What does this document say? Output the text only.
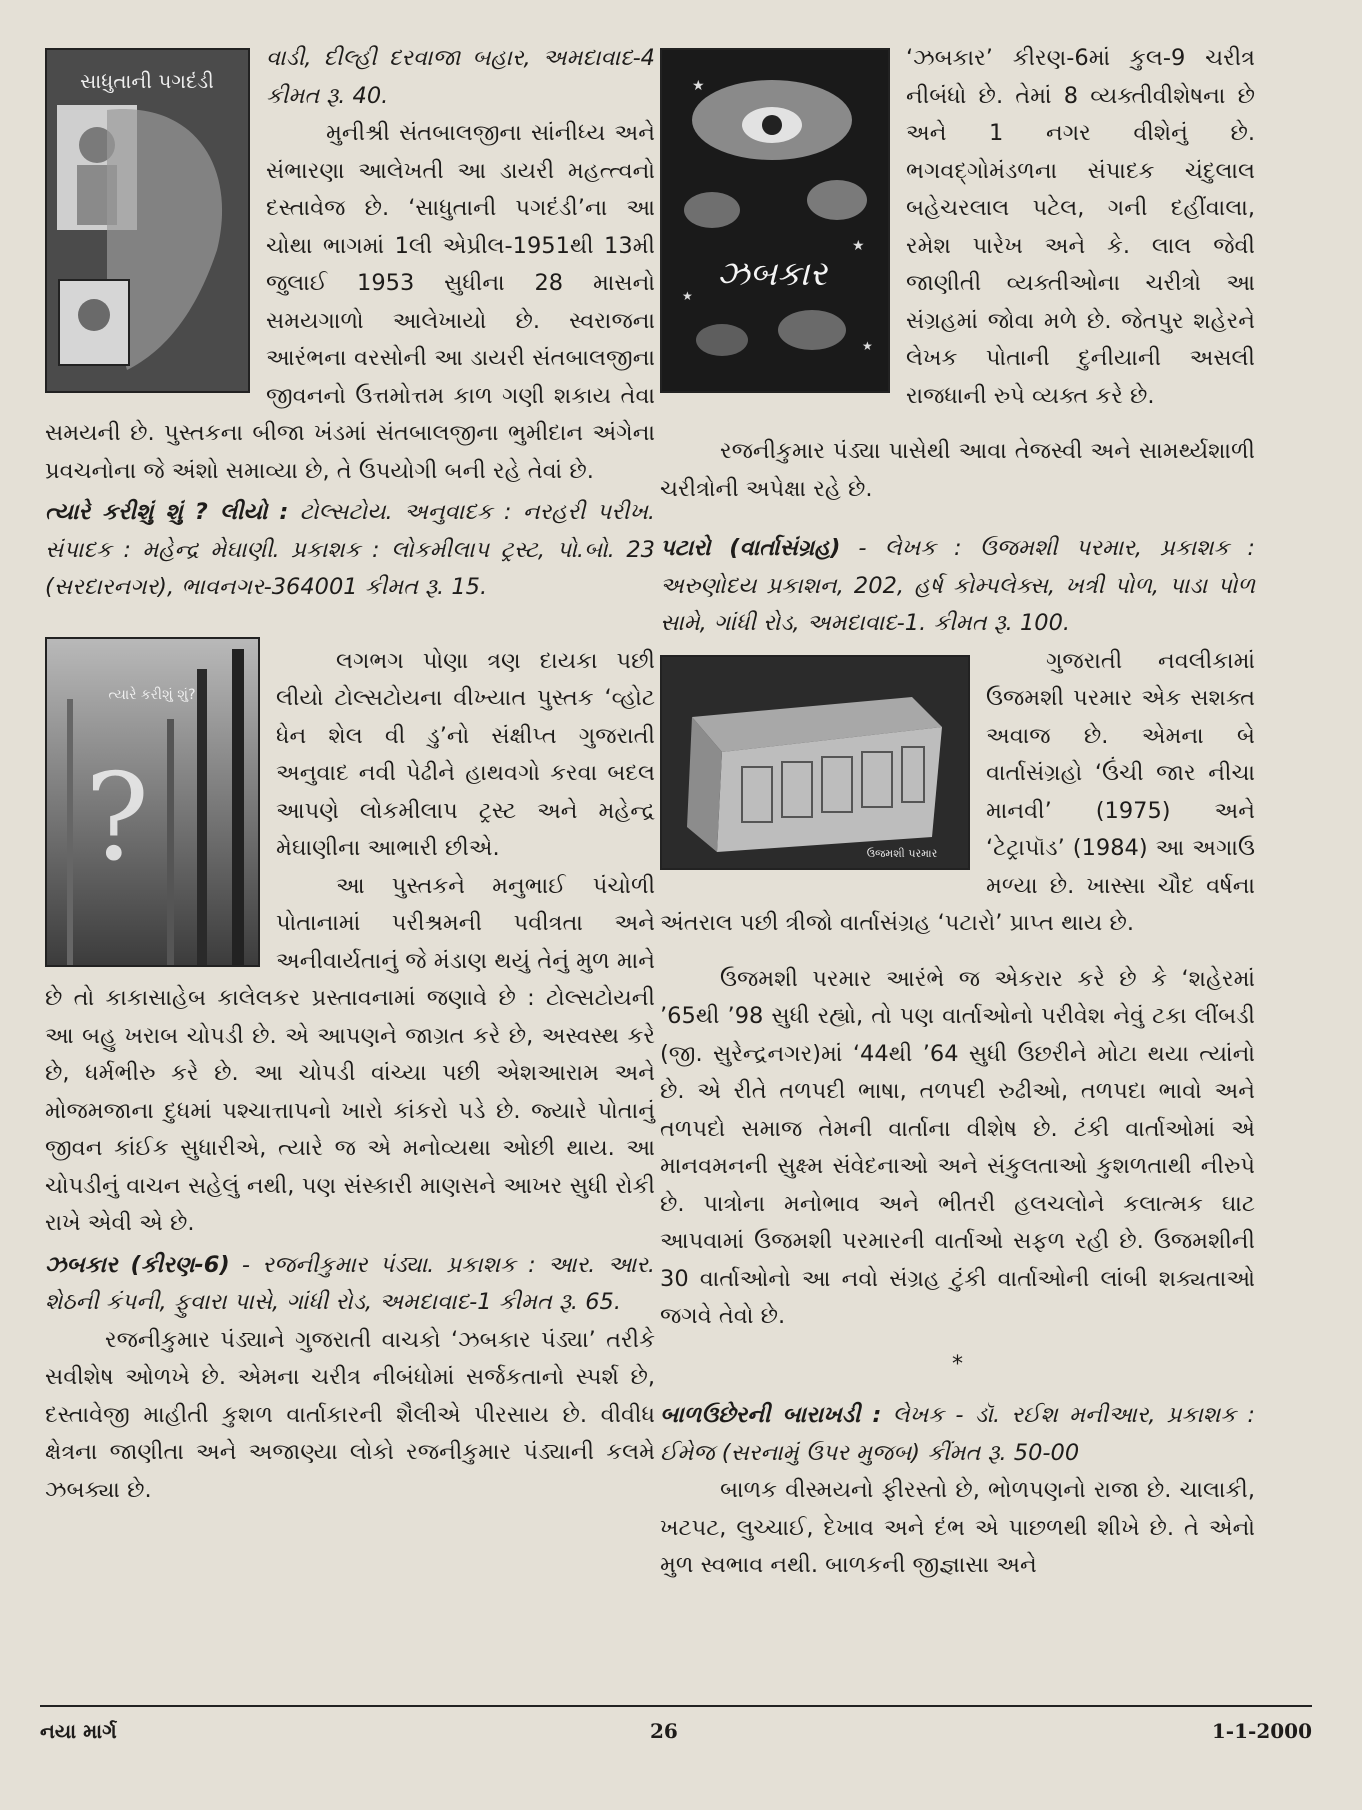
સાધુતાની પગદંડી

વાડી, દીલ્હી દરવાજા બહાર, અમદાવાદ-4 કીમત રૂ. 40.

મુનીશ્રી સંતબાલજીના સાંનીધ્ય અને સંભારણા આલેખતી આ ડાયરી મહત્ત્વનો દસ્તાવેજ છે. ‘સાધુતાની પગદંડી’ના આ ચોથા ભાગમાં 1લી એપ્રીલ-1951થી 13મી જુલાઈ 1953 સુધીના 28 માસનો સમયગાળો આલેખાયો છે. સ્વરાજના આરંભના વરસોની આ ડાયરી સંતબાલજીના જીવનનો ઉત્તમોત્તમ કાળ ગણી શકાય તેવા સમયની છે. પુસ્તકના બીજા ખંડમાં સંતબાલજીના ભુમીદાન અંગેના પ્રવચનોના જે અંશો સમાવ્યા છે, તે ઉપયોગી બની રહે તેવાં છે.

ત્યારે કરીશું શું ? લીયો : ટોલ્સટોય. અનુવાદક : નરહરી પરીખ. સંપાદક : મહેન્દ્ર મેઘાણી. પ્રકાશક : લોકમીલાપ ટ્રસ્ટ, પો.બો. 23 (સરદારનગર), ભાવનગર-364001 કીમત રૂ. 15.

?
ત્યારે કરીશું શું?

લગભગ પોણા ત્રણ દાયકા પછી લીયો ટોલ્સટોયના વીખ્યાત પુસ્તક ‘વ્હોટ ધેન શેલ વી ડુ’નો સંક્ષીપ્ત ગુજરાતી અનુવાદ નવી પેઢીને હાથવગો કરવા બદલ આપણે લોકમીલાપ ટ્રસ્ટ અને મહેન્દ્ર મેઘાણીના આભારી છીએ.

આ પુસ્તકને મનુભાઈ પંચોળી પોતાનામાં પરીશ્રમની પવીત્રતા અને અનીવાર્યતાનું જે મંડાણ થયું તેનું મુળ માને છે તો કાકાસાહેબ કાલેલકર પ્રસ્તાવનામાં જણાવે છે : ટોલ્સટોયની આ બહુ ખરાબ ચોપડી છે. એ આપણને જાગ્રત કરે છે, અસ્વસ્થ કરે છે, ધર્મભીરુ કરે છે. આ ચોપડી વાંચ્યા પછી એશઆરામ અને મોજમજાના દુધમાં પશ્ચાત્તાપનો ખારો કાંકરો પડે છે. જ્યારે પોતાનું જીવન કાંઈક સુધારીએ, ત્યારે જ એ મનોવ્યથા ઓછી થાય. આ ચોપડીનું વાચન સહેલું નથી, પણ સંસ્કારી માણસને આખર સુધી રોકી રાખે એવી એ છે.

ઝબકાર (કીરણ-6) - રજનીકુમાર પંડ્યા. પ્રકાશક : આર. આર. શેઠની કંપની, ફુવારા પાસે, ગાંધી રોડ, અમદાવાદ-1 કીમત રૂ. 65.

રજનીકુમાર પંડ્યાને ગુજરાતી વાચકો ‘ઝબકાર પંડ્યા’ તરીકે સવીશેષ ઓળખે છે. એમના ચરીત્ર નીબંધોમાં સર્જકતાનો સ્પર્શ છે, દસ્તાવેજી માહીતી કુશળ વાર્તાકારની શૈલીએ પીરસાય છે. વીવીધ ક્ષેત્રના જાણીતા અને અજાણ્યા લોકો રજનીકુમાર પંડ્યાની કલમે ઝબક્યા છે.

★
★
★
★
ઝબકાર

‘ઝબકાર’ કીરણ-6માં કુલ-9 ચરીત્ર નીબંધો છે. તેમાં 8 વ્યક્તીવીશેષના છે અને 1 નગર વીશેનું છે. ભગવદ્ગોમંડળના સંપાદક ચંદુલાલ બહેચરલાલ પટેલ, ગની દહીંવાલા, રમેશ પારેખ અને કે. લાલ જેવી જાણીતી વ્યક્તીઓના ચરીત્રો આ સંગ્રહમાં જોવા મળે છે. જેતપુર શહેરને લેખક પોતાની દુનીયાની અસલી રાજધાની રુપે વ્યક્ત કરે છે.

રજનીકુમાર પંડ્યા પાસેથી આવા તેજસ્વી અને સામર્થ્યશાળી ચરીત્રોની અપેક્ષા રહે છે.

પટારો (વાર્તાસંગ્રહ) - લેખક : ઉજમશી પરમાર, પ્રકાશક : અરુણોદય પ્રકાશન, 202, હર્ષ કોમ્પલેક્સ, ખત્રી પોળ, પાડા પોળ સામે, ગાંધી રોડ, અમદાવાદ-1. કીમત રૂ. 100.

ઉજમશી પરમાર

ગુજરાતી નવલીકામાં ઉજમશી પરમાર એક સશક્ત અવાજ છે. એમના બે વાર્તાસંગ્રહો ‘ઉંચી જાર નીચા માનવી’ (1975) અને ‘ટેટ્રાપૉડ’ (1984) આ અગાઉ મળ્યા છે. ખાસ્સા ચૌદ વર્ષના અંતરાલ પછી ત્રીજો વાર્તાસંગ્રહ ‘પટારો’ પ્રાપ્ત થાય છે.

ઉજમશી પરમાર આરંભે જ એકરાર કરે છે કે ‘શહેરમાં ’65થી ’98 સુધી રહ્યો, તો પણ વાર્તાઓનો પરીવેશ નેવું ટકા લીંબડી (જી. સુરેન્દ્રનગર)માં ‘44થી ’64 સુધી ઉછરીને મોટા થયા ત્યાંનો છે. એ રીતે તળપદી ભાષા, તળપદી રુઢીઓ, તળપદા ભાવો અને તળપદો સમાજ તેમની વાર્તાના વીશેષ છે. ટંકી વાર્તાઓમાં એ માનવમનની સુક્ષ્મ સંવેદનાઓ અને સંકુલતાઓ કુશળતાથી નીરુપે છે. પાત્રોના મનોભાવ અને ભીતરી હલચલોને કલાત્મક ઘાટ આપવામાં ઉજમશી પરમારની વાર્તાઓ સફળ રહી છે. ઉજમશીની 30 વાર્તાઓનો આ નવો સંગ્રહ ટુંકી વાર્તાઓની લાંબી શક્યતાઓ જગવે તેવો છે.

*

બાળઉછેરની બારાખડી : લેખક - ડૉ. રઈશ મનીઆર, પ્રકાશક : ઈમેજ (સરનામું ઉપર મુજબ) કીંમત રૂ. 50-00

બાળક વીસ્મયનો ફીરસ્તો છે, ભોળપણનો રાજા છે. ચાલાકી, ખટપટ, લુચ્ચાઈ, દેખાવ અને દંભ એ પાછળથી શીખે છે. તે એનો મુળ સ્વભાવ નથી. બાળકની જીજ્ઞાસા અને

નયા માર્ગ	26	1-1-2000
